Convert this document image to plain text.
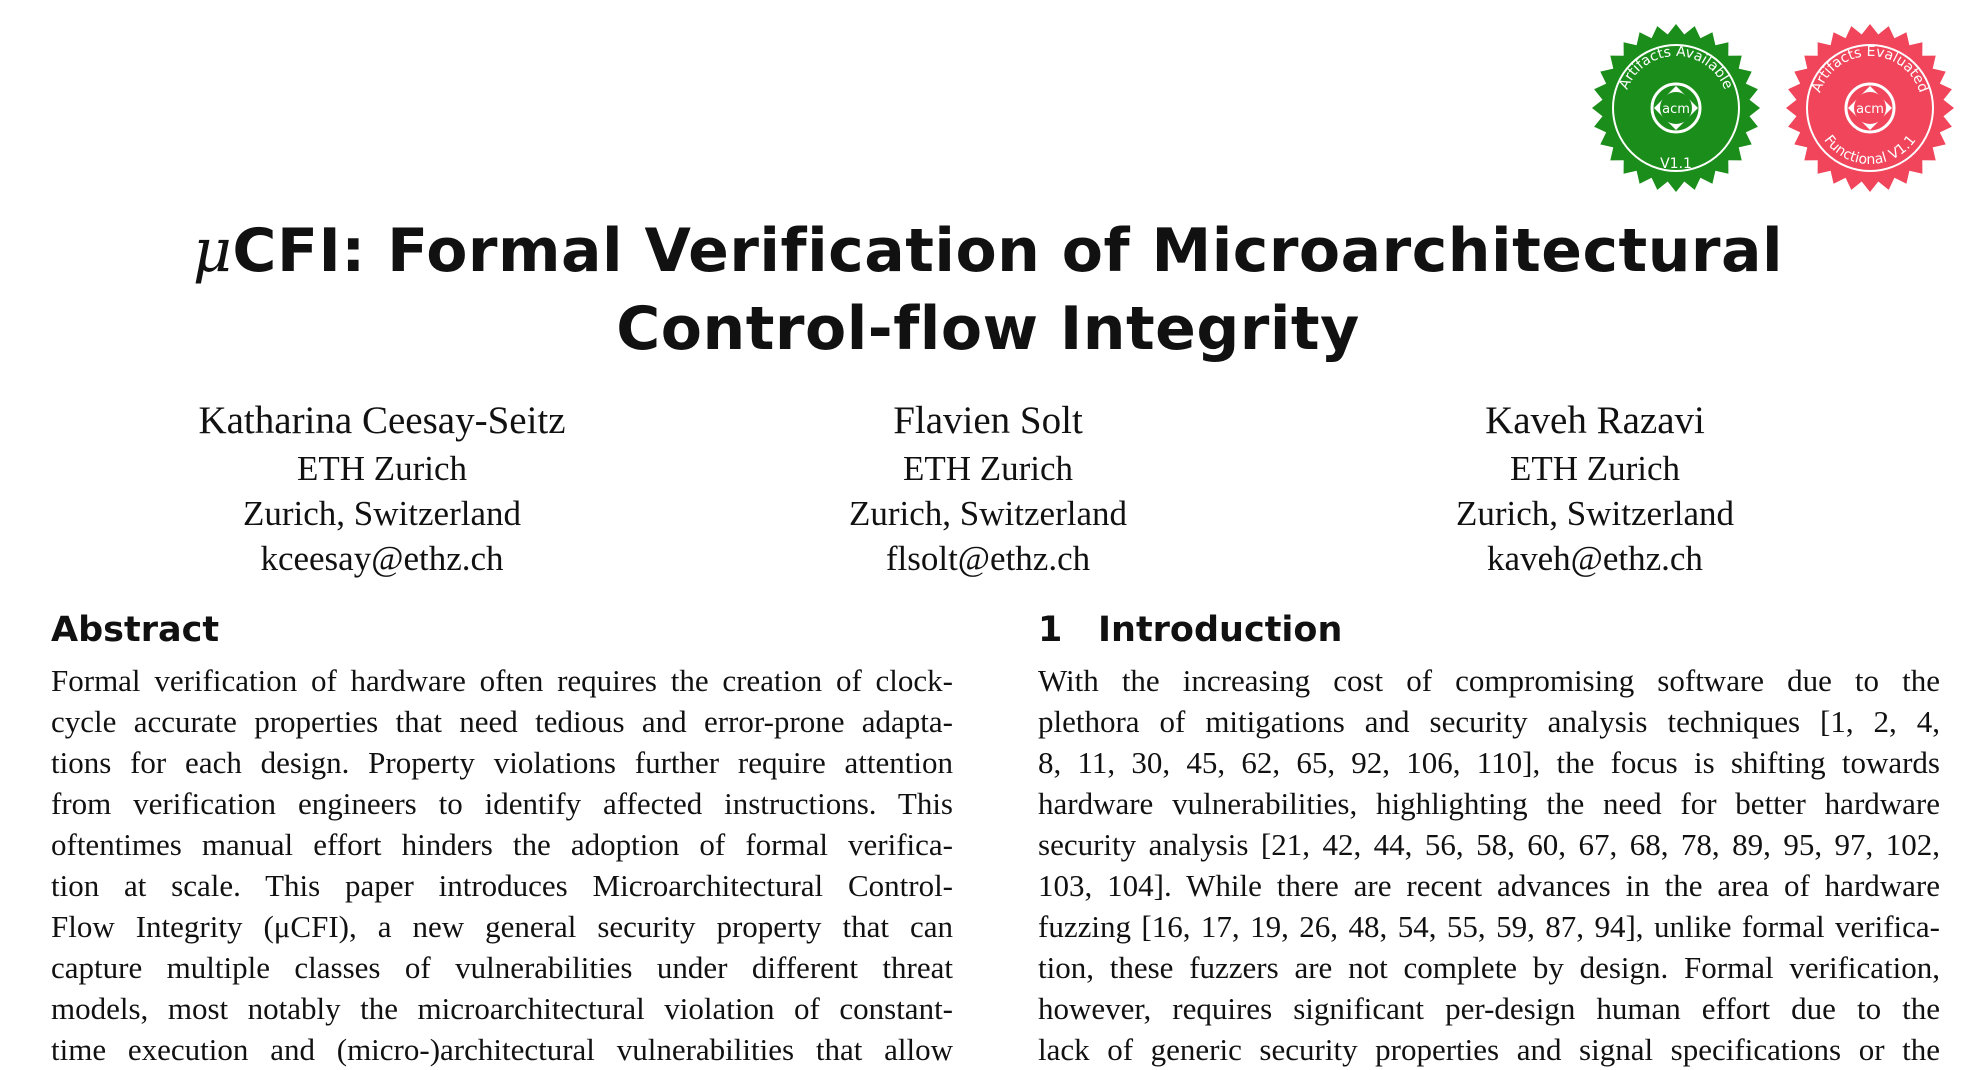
acm
Artifacts Available
V1.1
acm
Artifacts Evaluated
Functional V1.1
μCFI: Formal Verification of Microarchitectural
Control-flow Integrity
Katharina Ceesay-Seitz
ETH Zurich
Zurich, Switzerland
kceesay@ethz.ch
Flavien Solt
ETH Zurich
Zurich, Switzerland
flsolt@ethz.ch
Kaveh Razavi
ETH Zurich
Zurich, Switzerland
kaveh@ethz.ch
Abstract
Formal verification of hardware often requires the creation of clock-
cycle accurate properties that need tedious and error-prone adapta-
tions for each design. Property violations further require attention
from verification engineers to identify affected instructions. This
oftentimes manual effort hinders the adoption of formal verifica-
tion at scale. This paper introduces Microarchitectural Control-
Flow Integrity (μCFI), a new general security property that can
capture multiple classes of vulnerabilities under different threat
models, most notably the microarchitectural violation of constant-
time execution and (micro-)architectural vulnerabilities that allow
1 Introduction
With the increasing cost of compromising software due to the
plethora of mitigations and security analysis techniques [1, 2, 4,
8, 11, 30, 45, 62, 65, 92, 106, 110], the focus is shifting towards
hardware vulnerabilities, highlighting the need for better hardware
security analysis [21, 42, 44, 56, 58, 60, 67, 68, 78, 89, 95, 97, 102,
103, 104]. While there are recent advances in the area of hardware
fuzzing [16, 17, 19, 26, 48, 54, 55, 59, 87, 94], unlike formal verifica-
tion, these fuzzers are not complete by design. Formal verification,
however, requires significant per-design human effort due to the
lack of generic security properties and signal specifications or the
